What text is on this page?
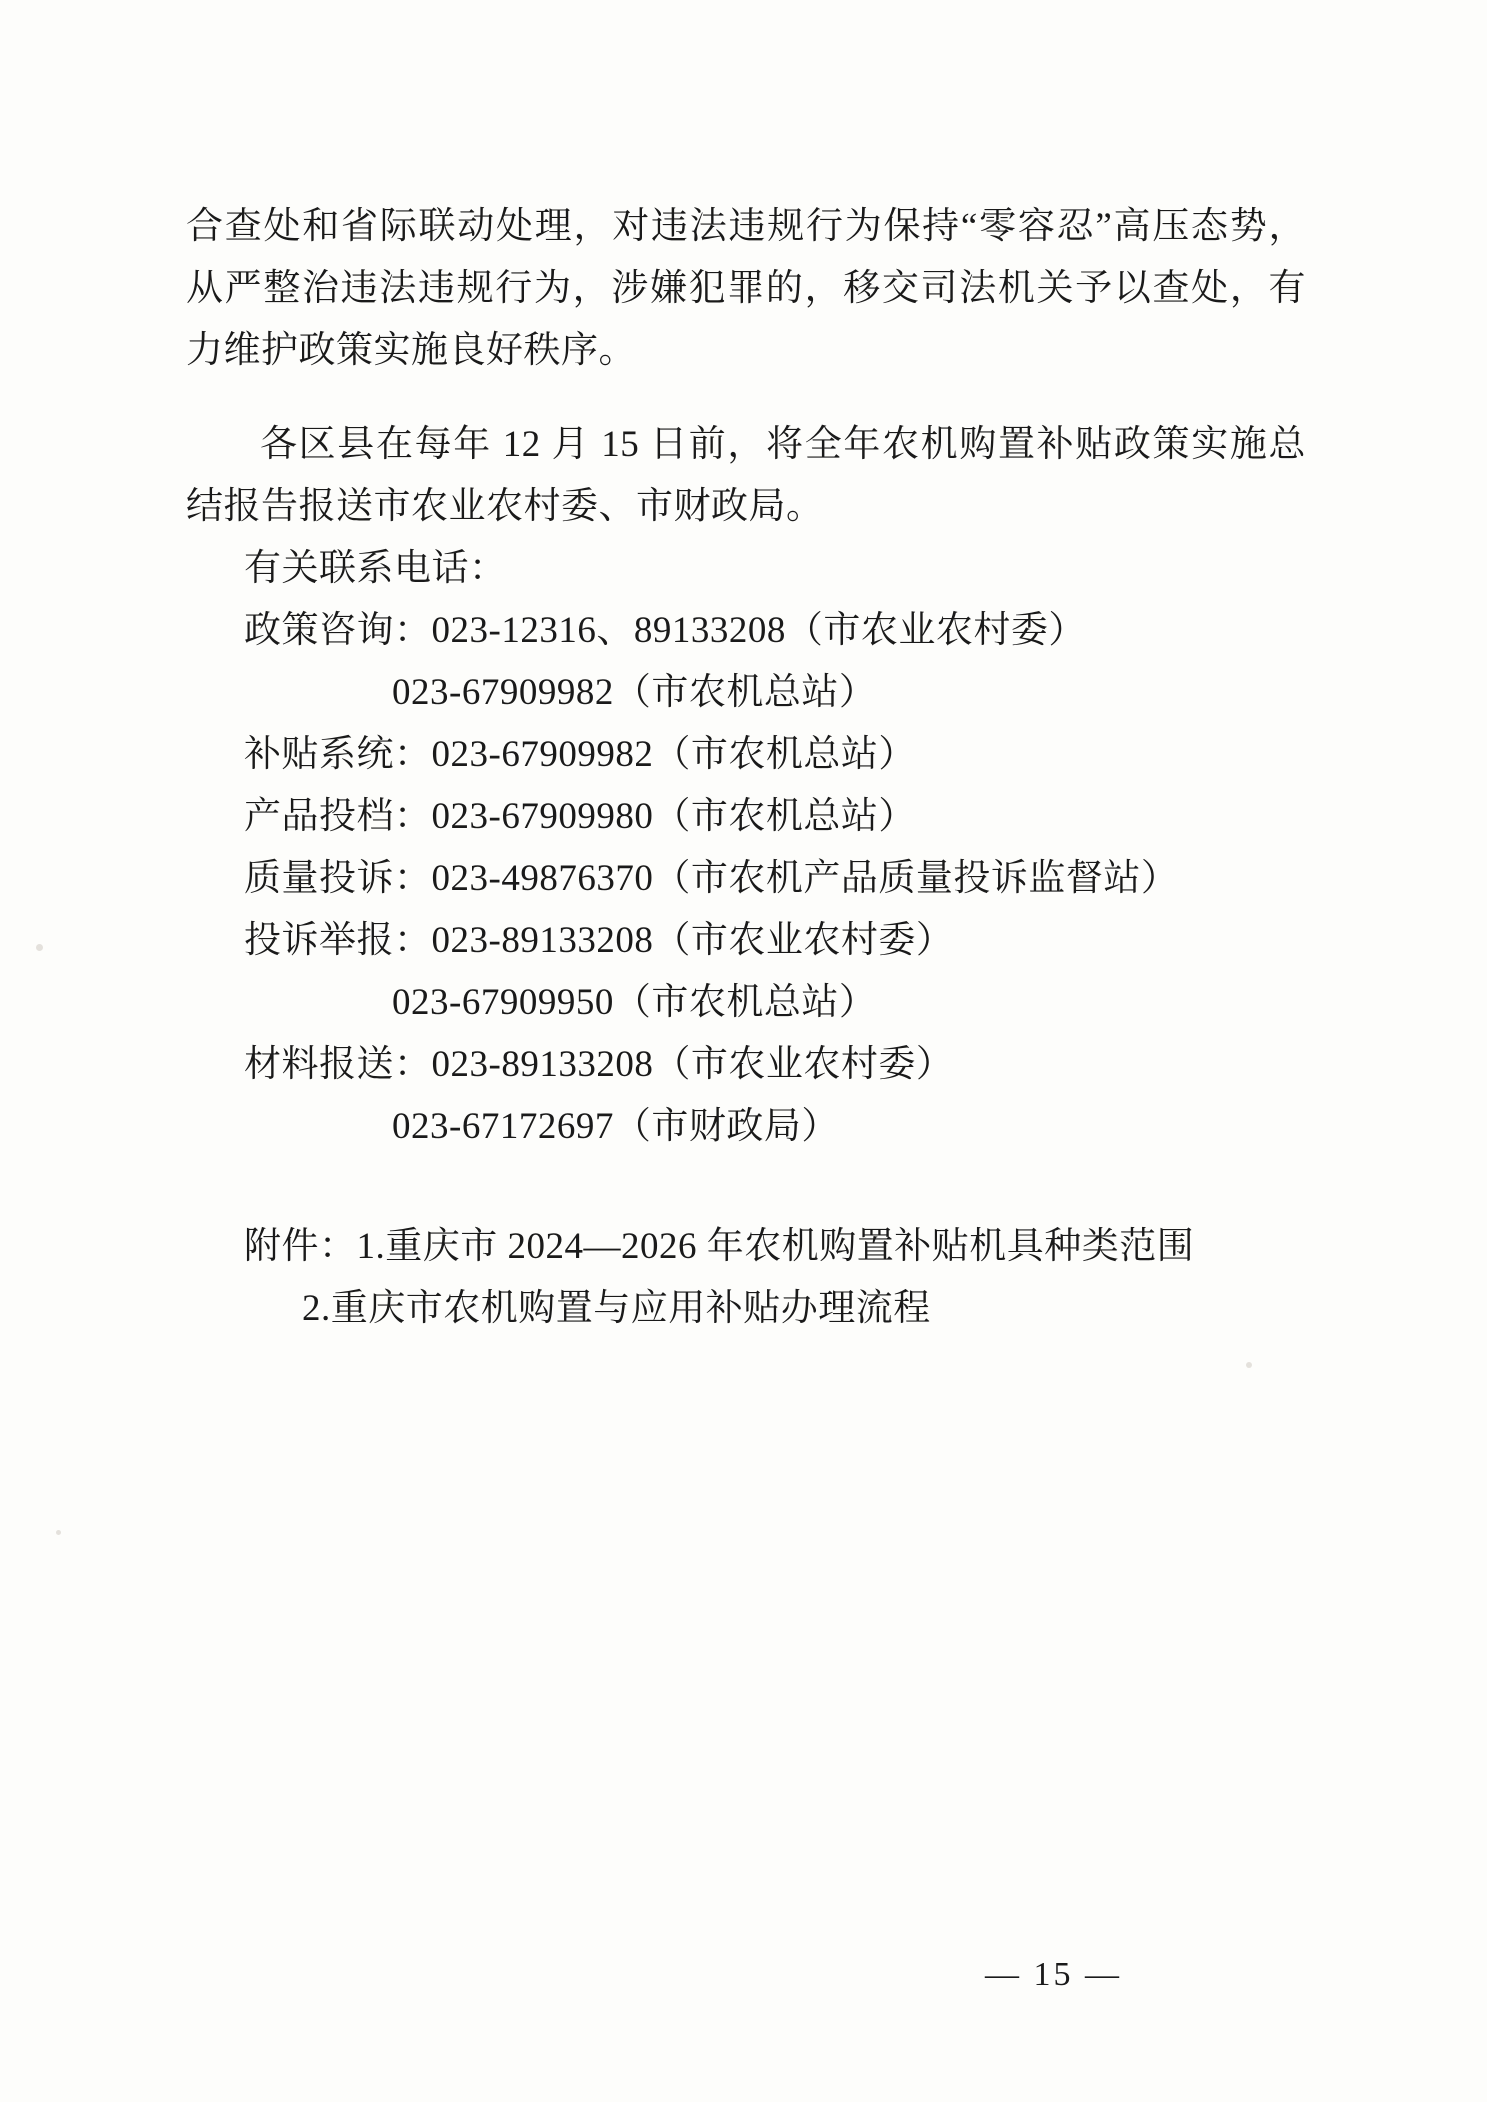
合查处和省际联动处理，对违法违规行为保持“零容忍”高压态势，从严整治违法违规行为，涉嫌犯罪的，移交司法机关予以查处，有力维护政策实施良好秩序。

各区县在每年 12 月 15 日前，将全年农机购置补贴政策实施总结报告报送市农业农村委、市财政局。

有关联系电话：
政策咨询：023-12316、89133208（市农业农村委）
023-67909982（市农机总站）
补贴系统：023-67909982（市农机总站）
产品投档：023-67909980（市农机总站）
质量投诉：023-49876370（市农机产品质量投诉监督站）
投诉举报：023-89133208（市农业农村委）
023-67909950（市农机总站）
材料报送：023-89133208（市农业农村委）
023-67172697（市财政局）
附件：1.重庆市 2024—2026 年农机购置补贴机具种类范围
2.重庆市农机购置与应用补贴办理流程
— 15 —
